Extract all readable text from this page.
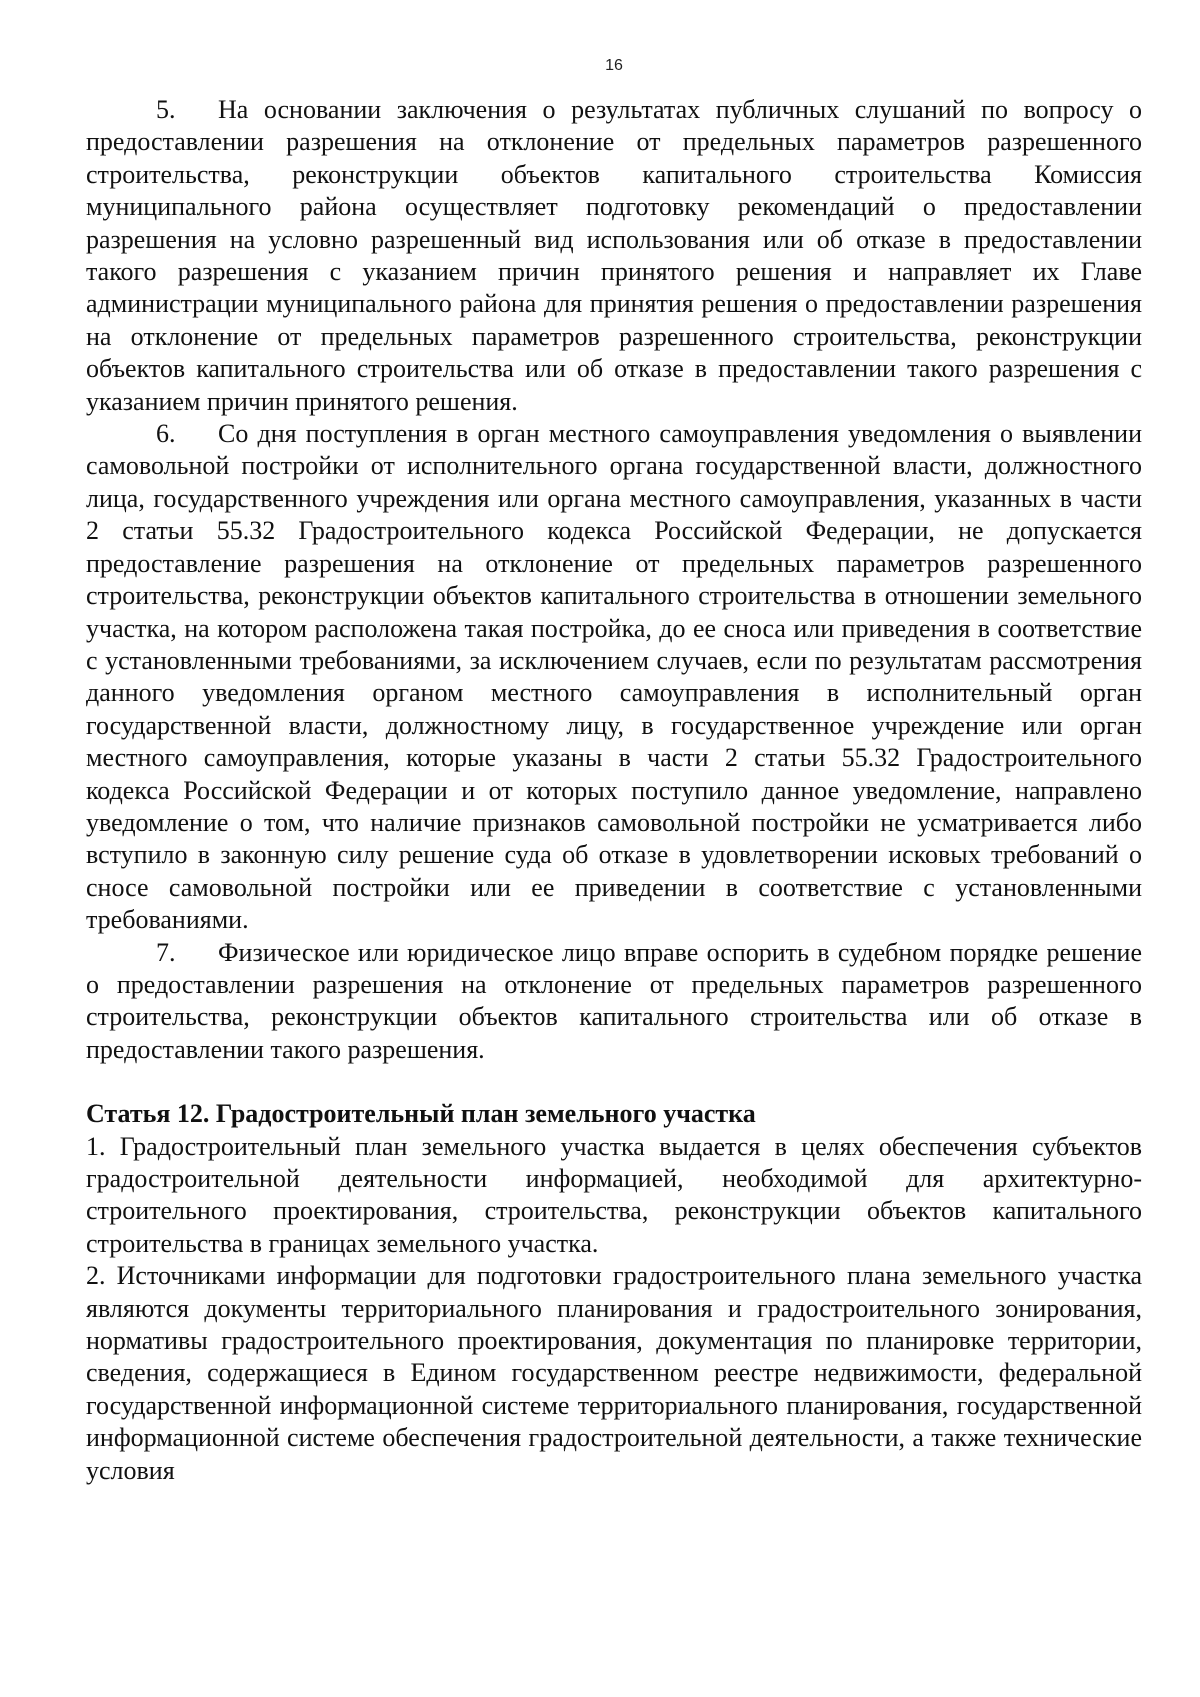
16

5. На основании заключения о результатах публичных слушаний по вопросу о предоставлении разрешения на отклонение от предельных параметров разрешенного строительства, реконструкции объектов капитального строительства Комиссия муниципального района осуществляет подготовку рекомендаций о предоставлении разрешения на условно разрешенный вид использования или об отказе в предоставлении такого разрешения с указанием причин принятого решения и направляет их Главе администрации муниципального района для принятия решения о предоставлении разрешения на отклонение от предельных параметров разрешенного строительства, реконструкции объектов капитального строительства или об отказе в предоставлении такого разрешения с указанием причин принятого решения.

6. Со дня поступления в орган местного самоуправления уведомления о выявлении самовольной постройки от исполнительного органа государственной власти, должностного лица, государственного учреждения или органа местного самоуправления, указанных в части 2 статьи 55.32 Градостроительного кодекса Российской Федерации, не допускается предоставление разрешения на отклонение от предельных параметров разрешенного строительства, реконструкции объектов капитального строительства в отношении земельного участка, на котором расположена такая постройка, до ее сноса или приведения в соответствие с установленными требованиями, за исключением случаев, если по результатам рассмотрения данного уведомления органом местного самоуправления в исполнительный орган государственной власти, должностному лицу, в государственное учреждение или орган местного самоуправления, которые указаны в части 2 статьи 55.32 Градостроительного кодекса Российской Федерации и от которых поступило данное уведомление, направлено уведомление о том, что наличие признаков самовольной постройки не усматривается либо вступило в законную силу решение суда об отказе в удовлетворении исковых требований о сносе самовольной постройки или ее приведении в соответствие с установленными требованиями.

7. Физическое или юридическое лицо вправе оспорить в судебном порядке решение о предоставлении разрешения на отклонение от предельных параметров разрешенного строительства, реконструкции объектов капитального строительства или об отказе в предоставлении такого разрешения.

Статья 12. Градостроительный план земельного участка

1. Градостроительный план земельного участка выдается в целях обеспечения субъектов градостроительной деятельности информацией, необходимой для архитектурно-строительного проектирования, строительства, реконструкции объектов капитального строительства в границах земельного участка.

2. Источниками информации для подготовки градостроительного плана земельного участка являются документы территориального планирования и градостроительного зонирования, нормативы градостроительного проектирования, документация по планировке территории, сведения, содержащиеся в Едином государственном реестре недвижимости, федеральной государственной информационной системе территориального планирования, государственной информационной системе обеспечения градостроительной деятельности, а также технические условия
